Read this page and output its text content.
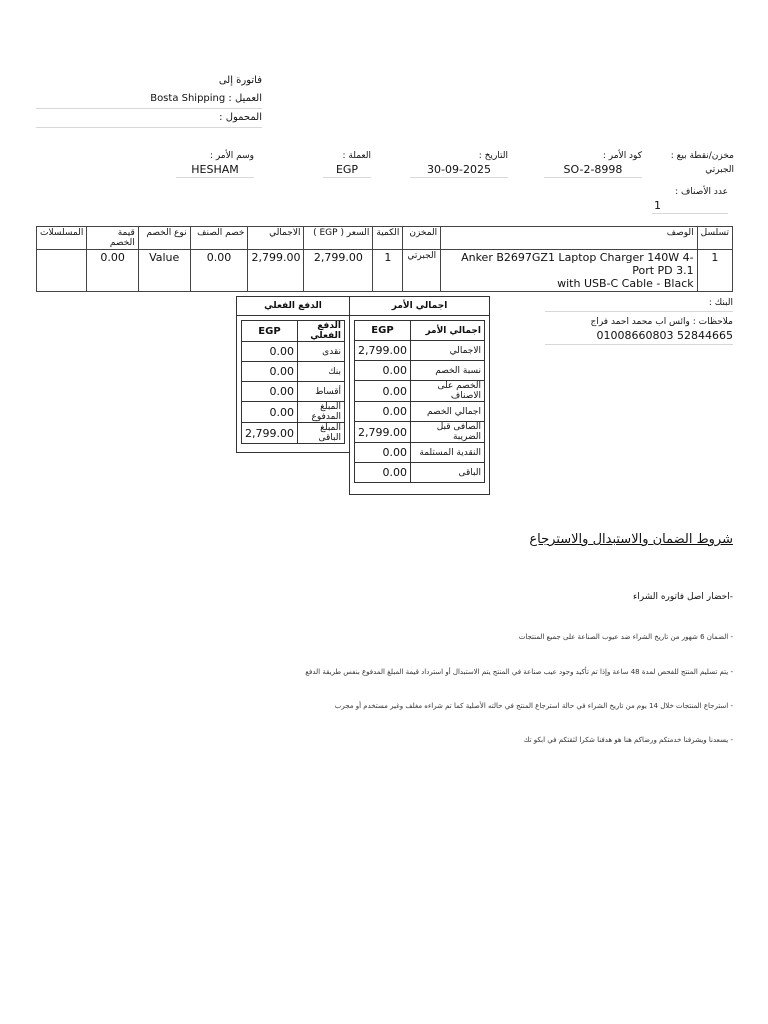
فاتورة إلى
العميل : Bosta Shipping
المحمول :
مخزن/نقطة بيع :
الجبرتي
كود الأمر :
SO-2-8998
التاريخ :
30-09-2025
العملة :
EGP
وسم الأمر :
HESHAM
عدد الأصناف :
1
تسلسل	الوصف	المخزن	الكمية	السعر ( EGP )	الاجمالي	خصم الصنف	نوع الخصم	قيمة الخصم	المسلسلات
1	Anker B2697GZ1 Laptop Charger 140W 4-Port PD 3.1
with USB-C Cable - Black	الجبرتي	1	2,799.00	2,799.00	0.00	Value	0.00	
اجمالي الأمر
اجمالي الأمر	EGP
الاجمالي	2,799.00
نسبة الخصم	0.00
الخصم على الاصناف	0.00
اجمالي الخصم	0.00
الصافى قبل الضريبة	2,799.00
النقدية المستلمة	0.00
الباقى	0.00
الدفع الفعلي
الدفع الفعلي	EGP
نقدى	0.00
بنك	0.00
أقساط	0.00
المبلغ المدفوع	0.00
المبلغ الباقى	2,799.00
البنك :
ملاحظات : وائس اب محمد احمد فراج
52844665 01008660803
شروط الضمان والاستبدال والاسترجاع
-احضار اصل فاتوره الشراء
- الضمان 6 شهور من تاريخ الشراء ضد عيوب الصناعة على جميع المنتجات
- يتم تسليم المنتج للفحص لمدة 48 ساعة وإذا تم تأكيد وجود عيب صناعة في المنتج يتم الاستبدال أو استرداد قيمة المبلغ المدفوع بنفس طريقة الدفع
- استرجاع المنتجات خلال 14 يوم من تاريخ الشراء في حالة استرجاع المنتج في حالته الأصلية كما تم شراءه مغلف وغير مستخدم أو مجرب
- يسعدنا ويشرفنا خدمتكم ورضاكم هنا هو هدفنا شكرا لثقتكم في ابكو تك
